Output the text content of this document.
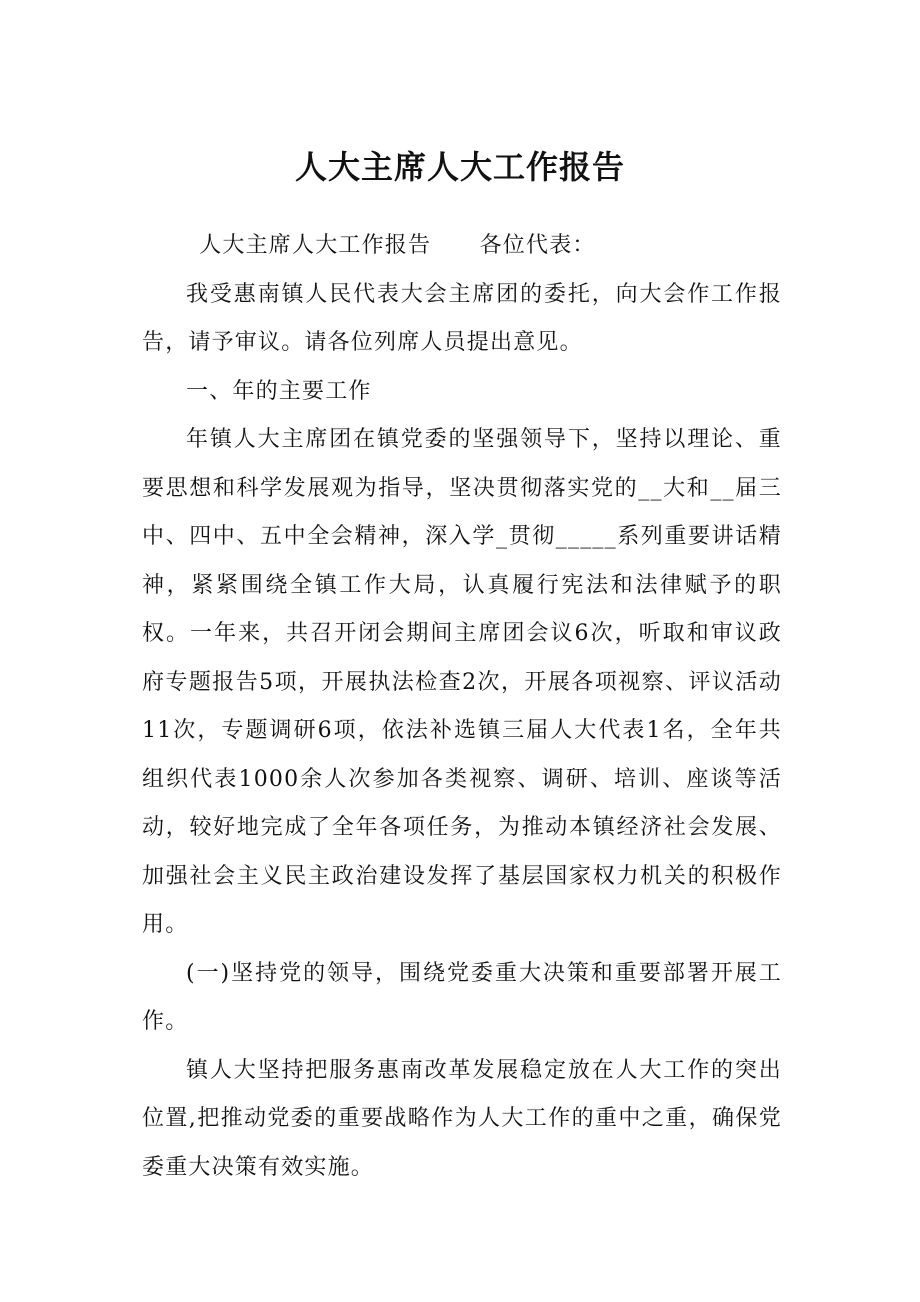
人大主席人大工作报告

人大主席人大工作报告 各位代表：

我受惠南镇人民代表大会主席团的委托，向大会作工作报告，请予审议。请各位列席人员提出意见。

一、年的主要工作

年镇人大主席团在镇党委的坚强领导下，坚持以理论、重要思想和科学发展观为指导，坚决贯彻落实党的__大和__届三中、四中、五中全会精神，深入学_贯彻_____系列重要讲话精神，紧紧围绕全镇工作大局，认真履行宪法和法律赋予的职权。一年来，共召开闭会期间主席团会议6次，听取和审议政府专题报告5项，开展执法检查2次，开展各项视察、评议活动11次，专题调研6项，依法补选镇三届人大代表1名，全年共组织代表1000余人次参加各类视察、调研、培训、座谈等活动，较好地完成了全年各项任务，为推动本镇经济社会发展、加强社会主义民主政治建设发挥了基层国家权力机关的积极作用。

(一)坚持党的领导，围绕党委重大决策和重要部署开展工作。

镇人大坚持把服务惠南改革发展稳定放在人大工作的突出位置,把推动党委的重要战略作为人大工作的重中之重，确保党委重大决策有效实施。
